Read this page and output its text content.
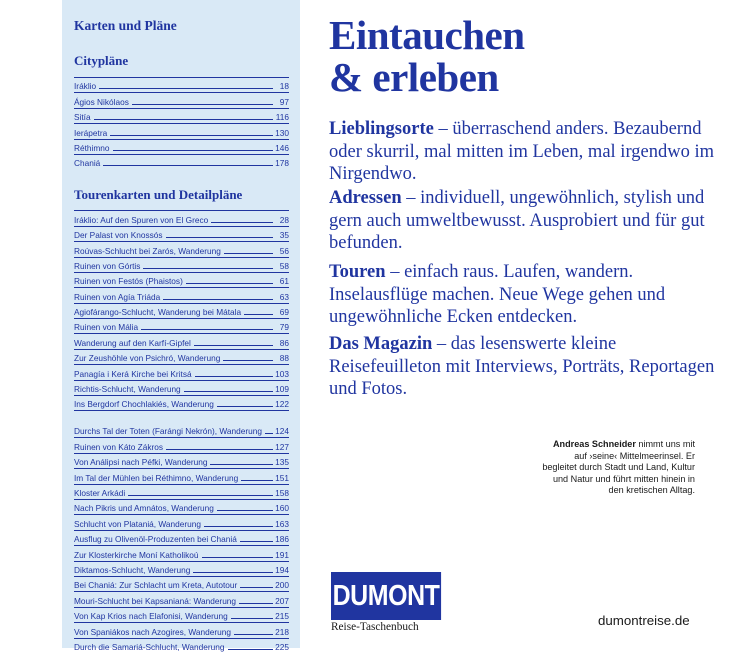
Karten und Pläne
Citypläne
Iráklio	18
Ágios Nikólaos	97
Sitía	116
Ierápetra	130
Réthimno	146
Chaniá	178
Tourenkarten und Detailpläne
Iráklio: Auf den Spuren von El Greco	28
Der Palast von Knossós	35
Roúvas-Schlucht bei Zarós, Wanderung	56
Ruinen von Górtis	58
Ruinen von Festós (Phaistos)	61
Ruinen von Agía Triáda	63
Agiofárango-Schlucht, Wanderung bei Mátala	69
Ruinen von Mália	79
Wanderung auf den Karfí-Gipfel	86
Zur Zeushöhle von Psichró, Wanderung	88
Panagía i Kerá Kirche bei Kritsá	103
Richtis-Schlucht, Wanderung	109
Ins Bergdorf Chochlakiés, Wanderung	122
Durchs Tal der Toten (Farángi Nekrón), Wanderung 124
Ruinen von Káto Zákros	127
Von Análipsi nach Péfki, Wanderung	135
Im Tal der Mühlen bei Réthimno, Wanderung	151
Kloster Arkádi	158
Nach Pikris und Amnátos, Wanderung	160
Schlucht von Plataniá, Wanderung	163
Ausflug zu Olivenöl-Produzenten bei Chaniá	186
Zur Klosterkirche Moní Katholikoú	191
Diktamos-Schlucht, Wanderung	194
Bei Chaniá: Zur Schlacht um Kreta, Autotour	200
Mouri-Schlucht bei Kapsanianá: Wanderung	207
Von Kap Krios nach Elafonisi, Wanderung	215
Von Spaniákos nach Azogires, Wanderung	218
Durch die Samariá-Schlucht, Wanderung	225
Eintauchen
& erleben

Lieblingsorte – überraschend anders. Bezaubernd oder skurril, mal mitten im Leben, mal irgendwo im Nirgendwo.

Adressen – individuell, ungewöhnlich, stylish und gern auch umweltbewusst. Ausprobiert und für gut befunden.

Touren – einfach raus. Laufen, wandern. Inselausflüge machen. Neue Wege gehen und ungewöhnliche Ecken entdecken.

Das Magazin – das lesenswerte kleine Reisefeuilleton mit Interviews, Porträts, Reportagen und Fotos.

Andreas Schneider nimmt uns mit auf ›seine‹ Mittelmeerinsel. Er begleitet durch Stadt und Land, Kultur und Natur und führt mitten hinein in den kretischen Alltag.
DUMONT
Reise-Taschenbuch	dumontreise.de
